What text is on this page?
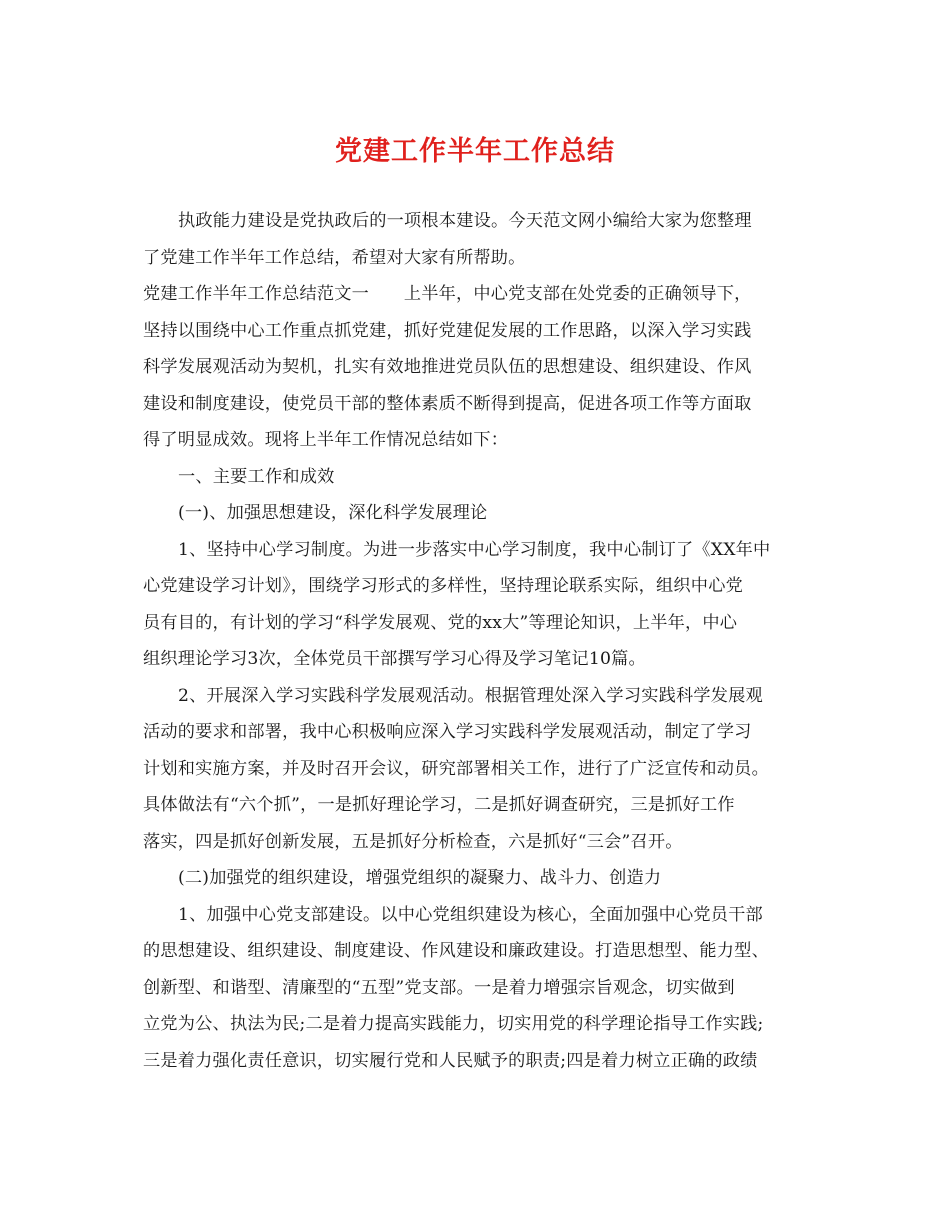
党建工作半年工作总结
执政能力建设是党执政后的一项根本建设。今天范文网小编给大家为您整理
了党建工作半年工作总结，希望对大家有所帮助。
党建工作半年工作总结范文一　　上半年，中心党支部在处党委的正确领导下，
坚持以围绕中心工作重点抓党建，抓好党建促发展的工作思路，以深入学习实践
科学发展观活动为契机，扎实有效地推进党员队伍的思想建设、组织建设、作风
建设和制度建设，使党员干部的整体素质不断得到提高，促进各项工作等方面取
得了明显成效。现将上半年工作情况总结如下：
一、主要工作和成效
(一)、加强思想建设，深化科学发展理论
1、坚持中心学习制度。为进一步落实中心学习制度，我中心制订了《XX年中
心党建设学习计划》，围绕学习形式的多样性，坚持理论联系实际，组织中心党
员有目的，有计划的学习“科学发展观、党的xx大”等理论知识，上半年，中心
组织理论学习3次，全体党员干部撰写学习心得及学习笔记10篇。
2、开展深入学习实践科学发展观活动。根据管理处深入学习实践科学发展观
活动的要求和部署，我中心积极响应深入学习实践科学发展观活动，制定了学习
计划和实施方案，并及时召开会议，研究部署相关工作，进行了广泛宣传和动员。
具体做法有“六个抓”，一是抓好理论学习，二是抓好调查研究，三是抓好工作
落实，四是抓好创新发展，五是抓好分析检查，六是抓好“三会”召开。
(二)加强党的组织建设，增强党组织的凝聚力、战斗力、创造力
1、加强中心党支部建设。以中心党组织建设为核心，全面加强中心党员干部
的思想建设、组织建设、制度建设、作风建设和廉政建设。打造思想型、能力型、
创新型、和谐型、清廉型的“五型”党支部。一是着力增强宗旨观念，切实做到
立党为公、执法为民;二是着力提高实践能力，切实用党的科学理论指导工作实践;
三是着力强化责任意识，切实履行党和人民赋予的职责;四是着力树立正确的政绩
